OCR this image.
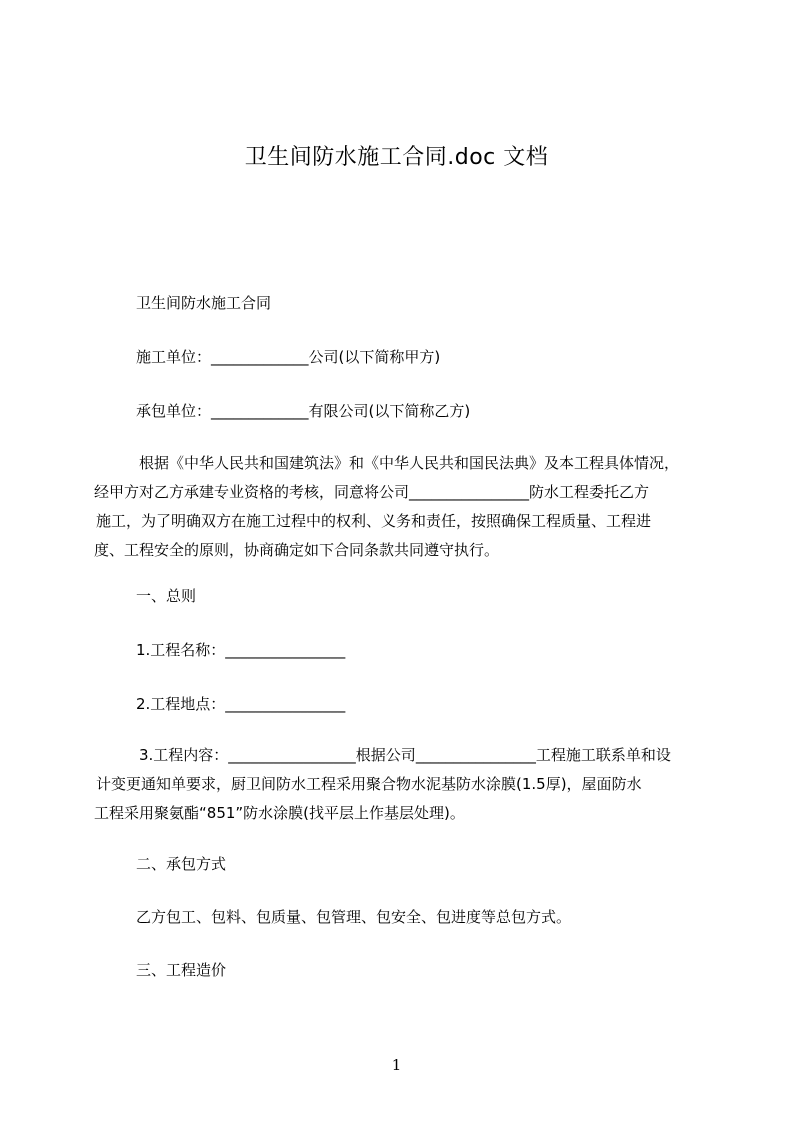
卫生间防水施工合同.doc 文档
卫生间防水施工合同
施工单位：_____________公司(以下简称甲方)
承包单位：_____________有限公司(以下简称乙方)
根据《中华人民共和国建筑法》和《中华人民共和国民法典》及本工程具体情况，
经甲方对乙方承建专业资格的考核，同意将公司________________防水工程委托乙方
施工，为了明确双方在施工过程中的权利、义务和责任，按照确保工程质量、工程进
度、工程安全的原则，协商确定如下合同条款共同遵守执行。
一、总则
1.工程名称：________________
2.工程地点：________________
3.工程内容：_________________根据公司________________工程施工联系单和设
计变更通知单要求，厨卫间防水工程采用聚合物水泥基防水涂膜(1.5厚)，屋面防水
工程采用聚氨酯“851”防水涂膜(找平层上作基层处理)。
二、承包方式
乙方包工、包料、包质量、包管理、包安全、包进度等总包方式。
三、工程造价
1
